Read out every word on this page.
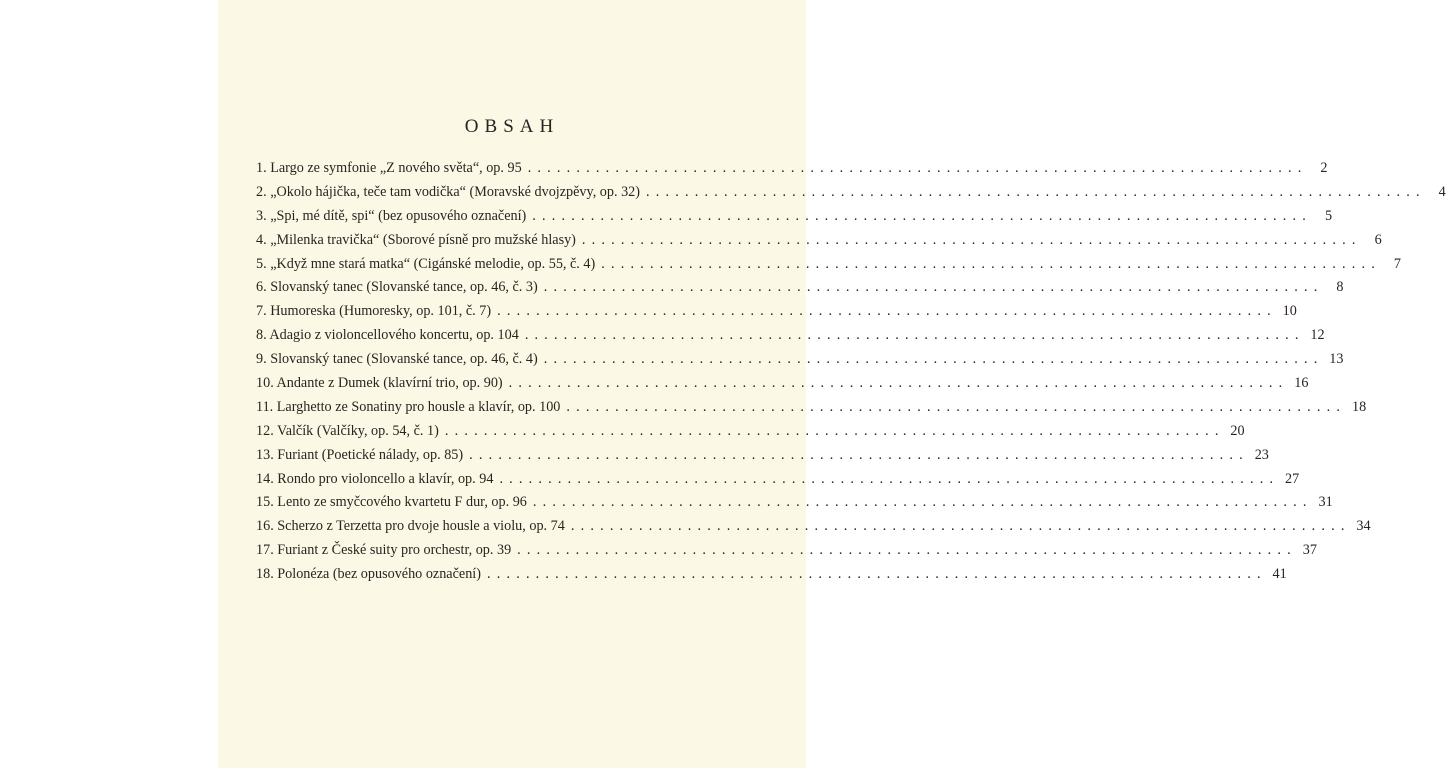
OBSAH
1. Largo ze symfonie „Z nového světa“, op. 95 ................................................................................ 2
2. „Okolo hájička, teče tam vodička“ (Moravské dvojzpěvy, op. 32) ................................................................................ 4
3. „Spi, mé dítě, spi“ (bez opusového označení) ................................................................................ 5
4. „Milenka travička“ (Sborové písně pro mužské hlasy) ................................................................................ 6
5. „Když mne stará matka“ (Cigánské melodie, op. 55, č. 4) ................................................................................ 7
6. Slovanský tanec (Slovanské tance, op. 46, č. 3) ................................................................................ 8
7. Humoreska (Humoresky, op. 101, č. 7) ................................................................................ 10
8. Adagio z violoncellového koncertu, op. 104 ................................................................................ 12
9. Slovanský tanec (Slovanské tance, op. 46, č. 4) ................................................................................ 13
10. Andante z Dumek (klavírní trio, op. 90) ................................................................................ 16
11. Larghetto ze Sonatiny pro housle a klavír, op. 100 ................................................................................ 18
12. Valčík (Valčíky, op. 54, č. 1) ................................................................................ 20
13. Furiant (Poetické nálady, op. 85) ................................................................................ 23
14. Rondo pro violoncello a klavír, op. 94 ................................................................................ 27
15. Lento ze smyčcového kvartetu F dur, op. 96 ................................................................................ 31
16. Scherzo z Terzetta pro dvoje housle a violu, op. 74 ................................................................................ 34
17. Furiant z České suity pro orchestr, op. 39 ................................................................................ 37
18. Polonéza (bez opusového označení) ................................................................................ 41
